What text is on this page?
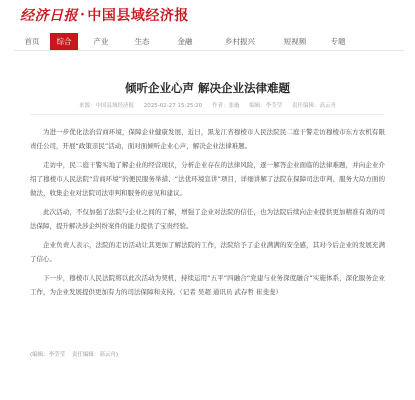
经济日报 · 中国县域经济报
首页	综合	产业	生态	金融	乡村振兴	短视频	专题
倾听企业心声 解决企业法律难题
来源：中国县域经济报 2025-02-27 15:25:20 作者：张璇 编辑：李莹莹 责任编辑：高云舟

为进一步优化法治营商环境，保障企业健康发展，近日，黑龙江省穆棱市人民法院民二庭干警走访穆棱市东方农机有限责任公司，开展“政策亲民”活动，面对面倾听企业心声，解决企业法律难题。

走访中，民二庭干警实地了解企业的经营现状，分析企业存在的法律风险，逐一解答企业面临的法律难题，并向企业介绍了穆棱市人民法院“营商环境”的便民服务举措、“法优环境宣讲”项目，详细讲解了法院在保障司法审判、服务大局方面的做法，收集企业对法院司法审判和服务的意见和建议。

此次活动，不仅加强了法院与企业之间的了解，增强了企业对法院的信任，也为法院后续向企业提供更加精准有效的司法保障，提升解决涉企纠纷案件的能力提供了宝贵经验。

企业负责人表示，法院的走访活动让其更加了解法院的工作，法院给予了企业满满的安全感，其对今后企业的发展充满了信心。

下一步，穆棱市人民法院将以此次活动为契机，持续运用“五平”四融合“党建与业务深度融合”实施体系，深化服务企业工作，为企业发展提供更加有力的司法保障和支持。（记者 吴超 通讯员 武存哲 崔斐斐）

(编辑：李莹莹 责任编辑：高云舟)
